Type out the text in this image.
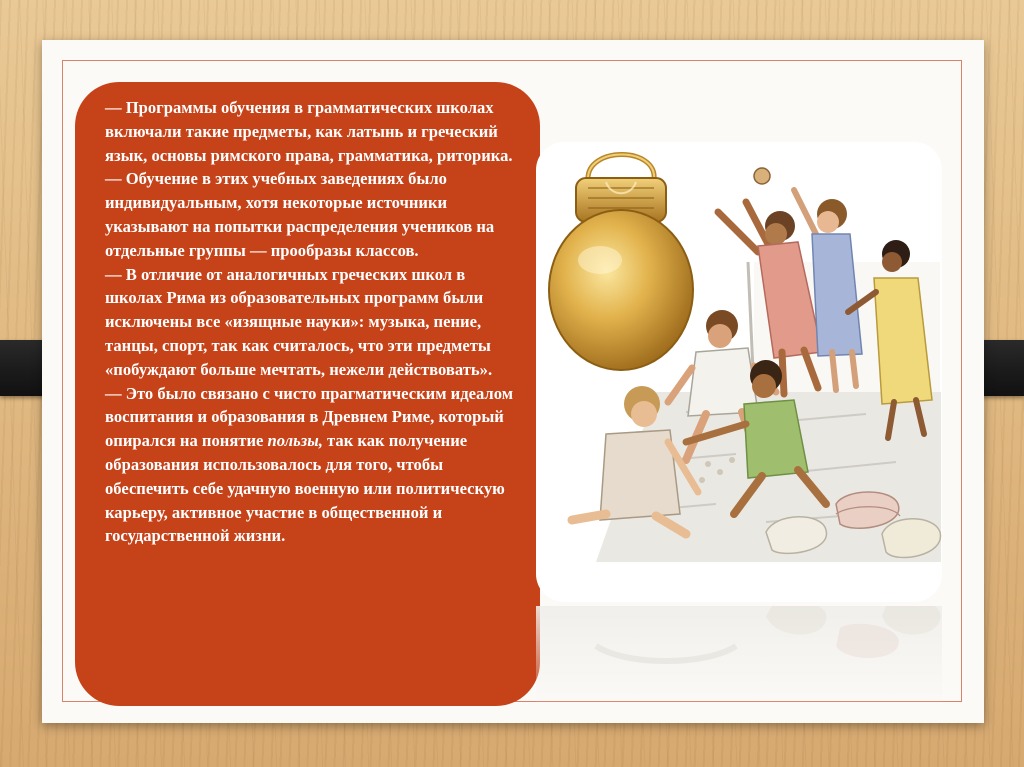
— Программы обучения в грамматических школах включали такие предметы, как латынь и греческий язык, основы римского права, грамматика, риторика.

— Обучение в этих учебных заведениях было индивидуальным, хотя некоторые источники указывают на попытки распределения учеников на отдельные группы — прообразы классов.

— В отличие от аналогичных греческих школ в школах Рима из образовательных программ были исключены все «изящные науки»: музыка, пение, танцы, спорт, так как считалось, что эти предметы «побуждают больше мечтать, нежели действовать».

— Это было связано с чисто прагматическим идеалом воспитания и образования в Древнем Риме, который опирался на понятие пользы, так как получение образования использовалось для того, чтобы обеспечить себе удачную военную или политическую карьеру, активное участие в общественной и государственной жизни.
